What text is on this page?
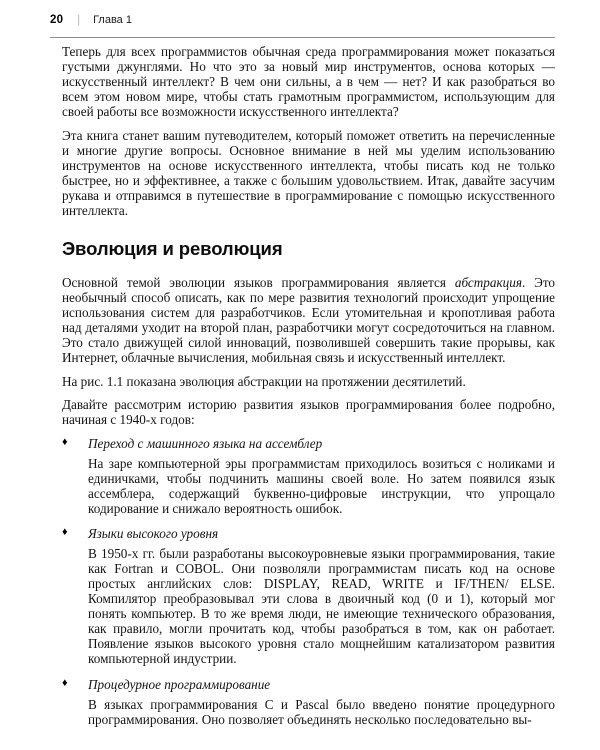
20 | Глава 1

Теперь для всех программистов обычная среда программирования может показаться густыми джунглями. Но что это за новый мир инструментов, основа которых — искусственный интеллект? В чем они сильны, а в чем — нет? И как разобраться во всем этом новом мире, чтобы стать грамотным программистом, использующим для своей работы все возможности искусственного интеллекта?

Эта книга станет вашим путеводителем, который поможет ответить на перечисленные и многие другие вопросы. Основное внимание в ней мы уделим использованию инструментов на основе искусственного интеллекта, чтобы писать код не только быстрее, но и эффективнее, а также с большим удовольствием. Итак, давайте засучим рукава и отправимся в путешествие в программирование с помощью искусственного интеллекта.

Эволюция и революция

Основной темой эволюции языков программирования является абстракция. Это необычный способ описать, как по мере развития технологий происходит упрощение использования систем для разработчиков. Если утомительная и кропотливая работа над деталями уходит на второй план, разработчики могут сосредоточиться на главном. Это стало движущей силой инноваций, позволившей совершить такие прорывы, как Интернет, облачные вычисления, мобильная связь и искусственный интеллект.

На рис. 1.1 показана эволюция абстракции на протяжении десятилетий.

Давайте рассмотрим историю развития языков программирования более подробно, начиная с 1940-х годов:

♦	Переход с машинного языка на ассемблер

На заре компьютерной эры программистам приходилось возиться с ноликами и единичками, чтобы подчинить машины своей воле. Но затем появился язык ассемблера, содержащий буквенно-цифровые инструкции, что упрощало кодирование и снижало вероятность ошибок.

♦	Языки высокого уровня

В 1950-х гг. были разработаны высокоуровневые языки программирования, такие как Fortran и COBOL. Они позволяли программистам писать код на основе простых английских слов: DISPLAY, READ, WRITE и IF/THEN/ ELSE. Компилятор преобразовывал эти слова в двоичный код (0 и 1), который мог понять компьютер. В то же время люди, не имеющие технического образования, как правило, могли прочитать код, чтобы разобраться в том, как он работает. Появление языков высокого уровня стало мощнейшим катализатором развития компьютерной индустрии.

♦	Процедурное программирование

В языках программирования C и Pascal было введено понятие процедурного программирования. Оно позволяет объединять несколько последовательно вы-
